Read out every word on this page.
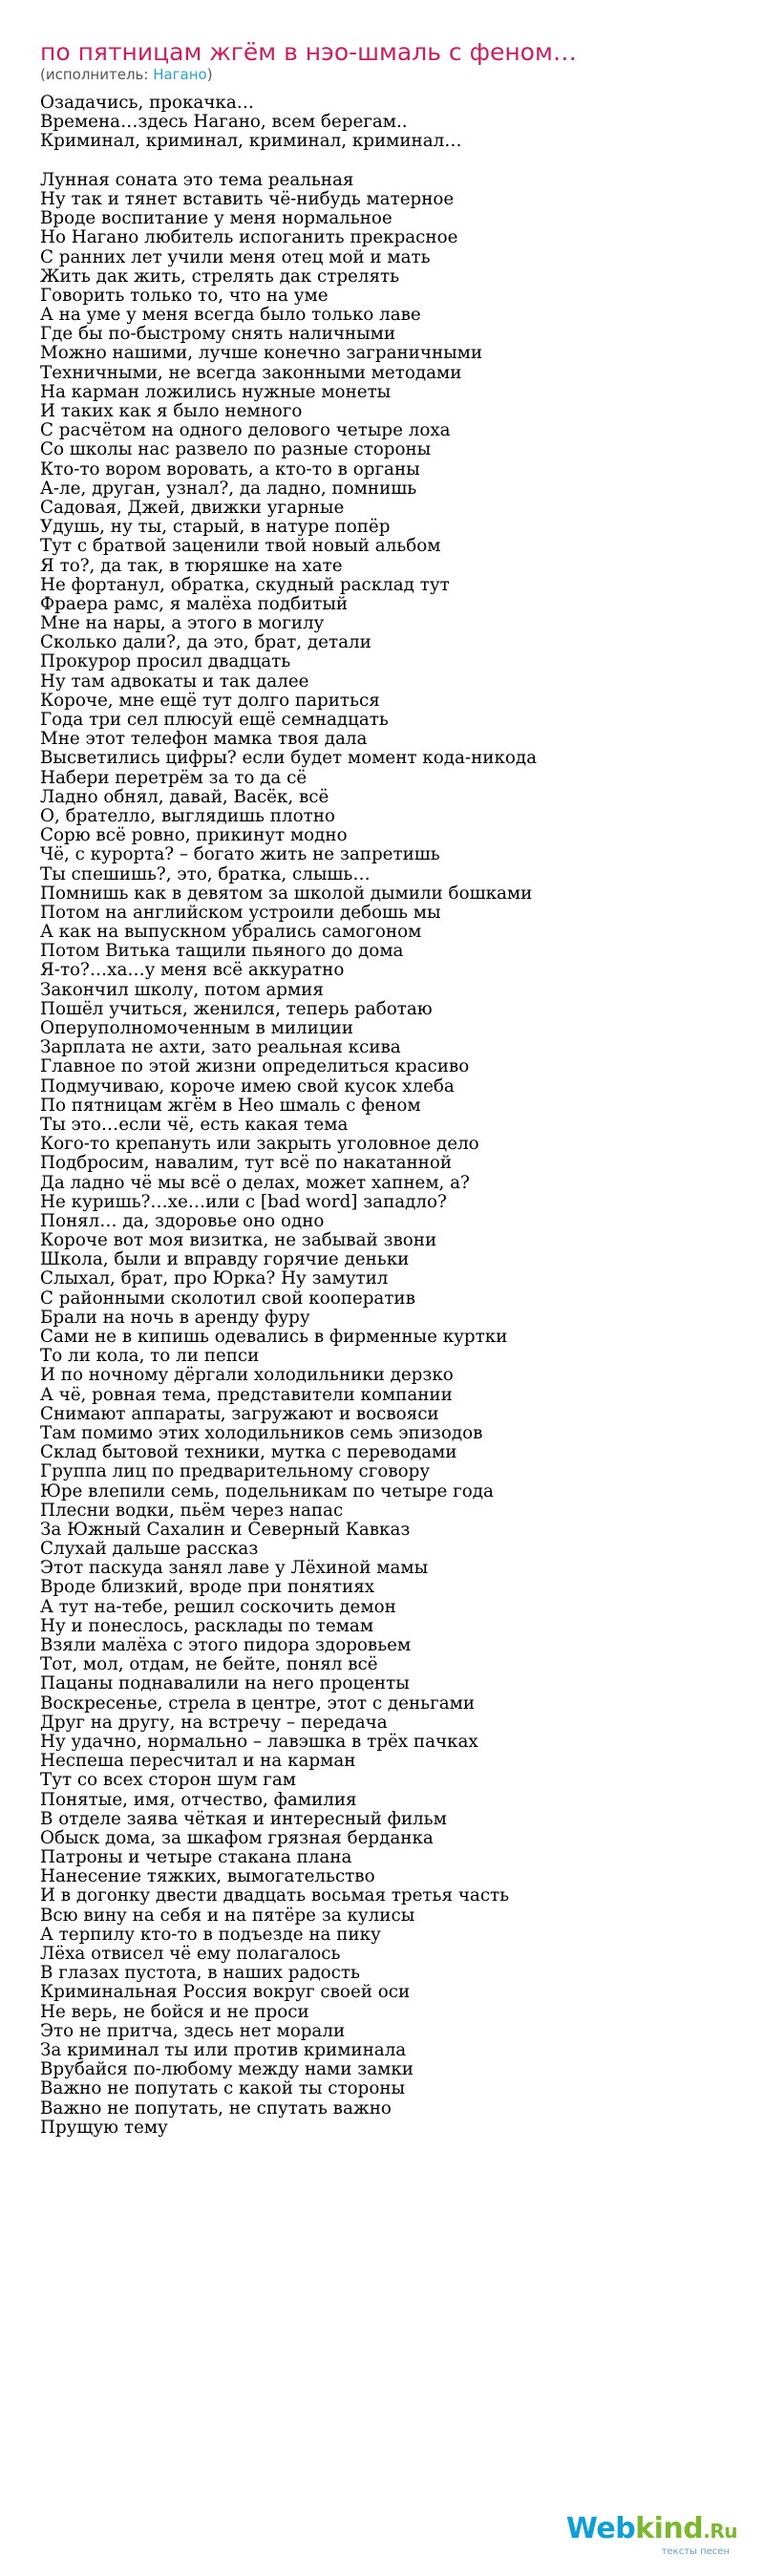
по пятницам жгём в нэо-шмаль с феном…
(исполнитель: Нагано)
Озадачись, прокачка…
Времена…здесь Нагано, всем берегам..
Криминал, криминал, криминал, криминал…
Лунная соната это тема реальная
Ну так и тянет вставить чё-нибудь матерное
Вроде воспитание у меня нормальное
Но Нагано любитель испоганить прекрасное
С ранних лет учили меня отец мой и мать
Жить дак жить, стрелять дак стрелять
Говорить только то, что на уме
А на уме у меня всегда было только лаве
Где бы по-быстрому снять наличными
Можно нашими, лучше конечно заграничными
Техничными, не всегда законными методами
На карман ложились нужные монеты
И таких как я было немного
С расчётом на одного делового четыре лоха
Со школы нас развело по разные стороны
Кто-то вором воровать, а кто-то в органы
А-ле, друган, узнал?, да ладно, помнишь
Садовая, Джей, движки угарные
Удушь, ну ты, старый, в натуре попёр
Тут с братвой заценили твой новый альбом
Я то?, да так, в тюряшке на хате
Не фортанул, обратка, скудный расклад тут
Фраера рамс, я малёха подбитый
Мне на нары, а этого в могилу
Сколько дали?, да это, брат, детали
Прокурор просил двадцать
Ну там адвокаты и так далее
Короче, мне ещё тут долго париться
Года три сел плюсуй ещё семнадцать
Мне этот телефон мамка твоя дала
Высветились цифры? если будет момент кода-никода
Набери перетрём за то да сё
Ладно обнял, давай, Васёк, всё
О, брателло, выглядишь плотно
Сорю всё ровно, прикинут модно
Чё, с курорта? – богато жить не запретишь
Ты спешишь?, это, братка, слышь…
Помнишь как в девятом за школой дымили бошками
Потом на английском устроили дебошь мы
А как на выпускном убрались самогоном
Потом Витька тащили пьяного до дома
Я-то?…ха…у меня всё аккуратно
Закончил школу, потом армия
Пошёл учиться, женился, теперь работаю
Оперуполномоченным в милиции
Зарплата не ахти, зато реальная ксива
Главное по этой жизни определиться красиво
Подмучиваю, короче имею свой кусок хлеба
По пятницам жгём в Нео шмаль с феном
Ты это…если чё, есть какая тема
Кого-то крепануть или закрыть уголовное дело
Подбросим, навалим, тут всё по накатанной
Да ладно чё мы всё о делах, может хапнем, а?
Не куришь?…хе…или с [bad word] западло?
Понял… да, здоровье оно одно
Короче вот моя визитка, не забывай звони
Школа, были и вправду горячие деньки
Слыхал, брат, про Юрка? Ну замутил
С районными сколотил свой кооператив
Брали на ночь в аренду фуру
Сами не в кипишь одевались в фирменные куртки
То ли кола, то ли пепси
И по ночному дёргали холодильники дерзко
А чё, ровная тема, представители компании
Снимают аппараты, загружают и восвояси
Там помимо этих холодильников семь эпизодов
Склад бытовой техники, мутка с переводами
Группа лиц по предварительному сговору
Юре влепили семь, подельникам по четыре года
Плесни водки, пьём через напас
За Южный Сахалин и Северный Кавказ
Слухай дальше рассказ
Этот паскуда занял лаве у Лёхиной мамы
Вроде близкий, вроде при понятиях
А тут на-тебе, решил соскочить демон
Ну и понеслось, расклады по темам
Взяли малёха с этого пидора здоровьем
Тот, мол, отдам, не бейте, понял всё
Пацаны поднавалили на него проценты
Воскресенье, стрела в центре, этот с деньгами
Друг на другу, на встречу – передача
Ну удачно, нормально – лавэшка в трёх пачках
Неспеша пересчитал и на карман
Тут со всех сторон шум гам
Понятые, имя, отчество, фамилия
В отделе заява чёткая и интересный фильм
Обыск дома, за шкафом грязная берданка
Патроны и четыре стакана плана
Нанесение тяжких, вымогательство
И в догонку двести двадцать восьмая третья часть
Всю вину на себя и на пятёре за кулисы
А терпилу кто-то в подъезде на пику
Лёха отвисел чё ему полагалось
В глазах пустота, в наших радость
Криминальная Россия вокруг своей оси
Не верь, не бойся и не проси
Это не притча, здесь нет морали
За криминал ты или против криминала
Врубайся по-любому между нами замки
Важно не попутать с какой ты стороны
Важно не попутать, не спутать важно
Прущую тему
Webkind.Ru
тексты песен
